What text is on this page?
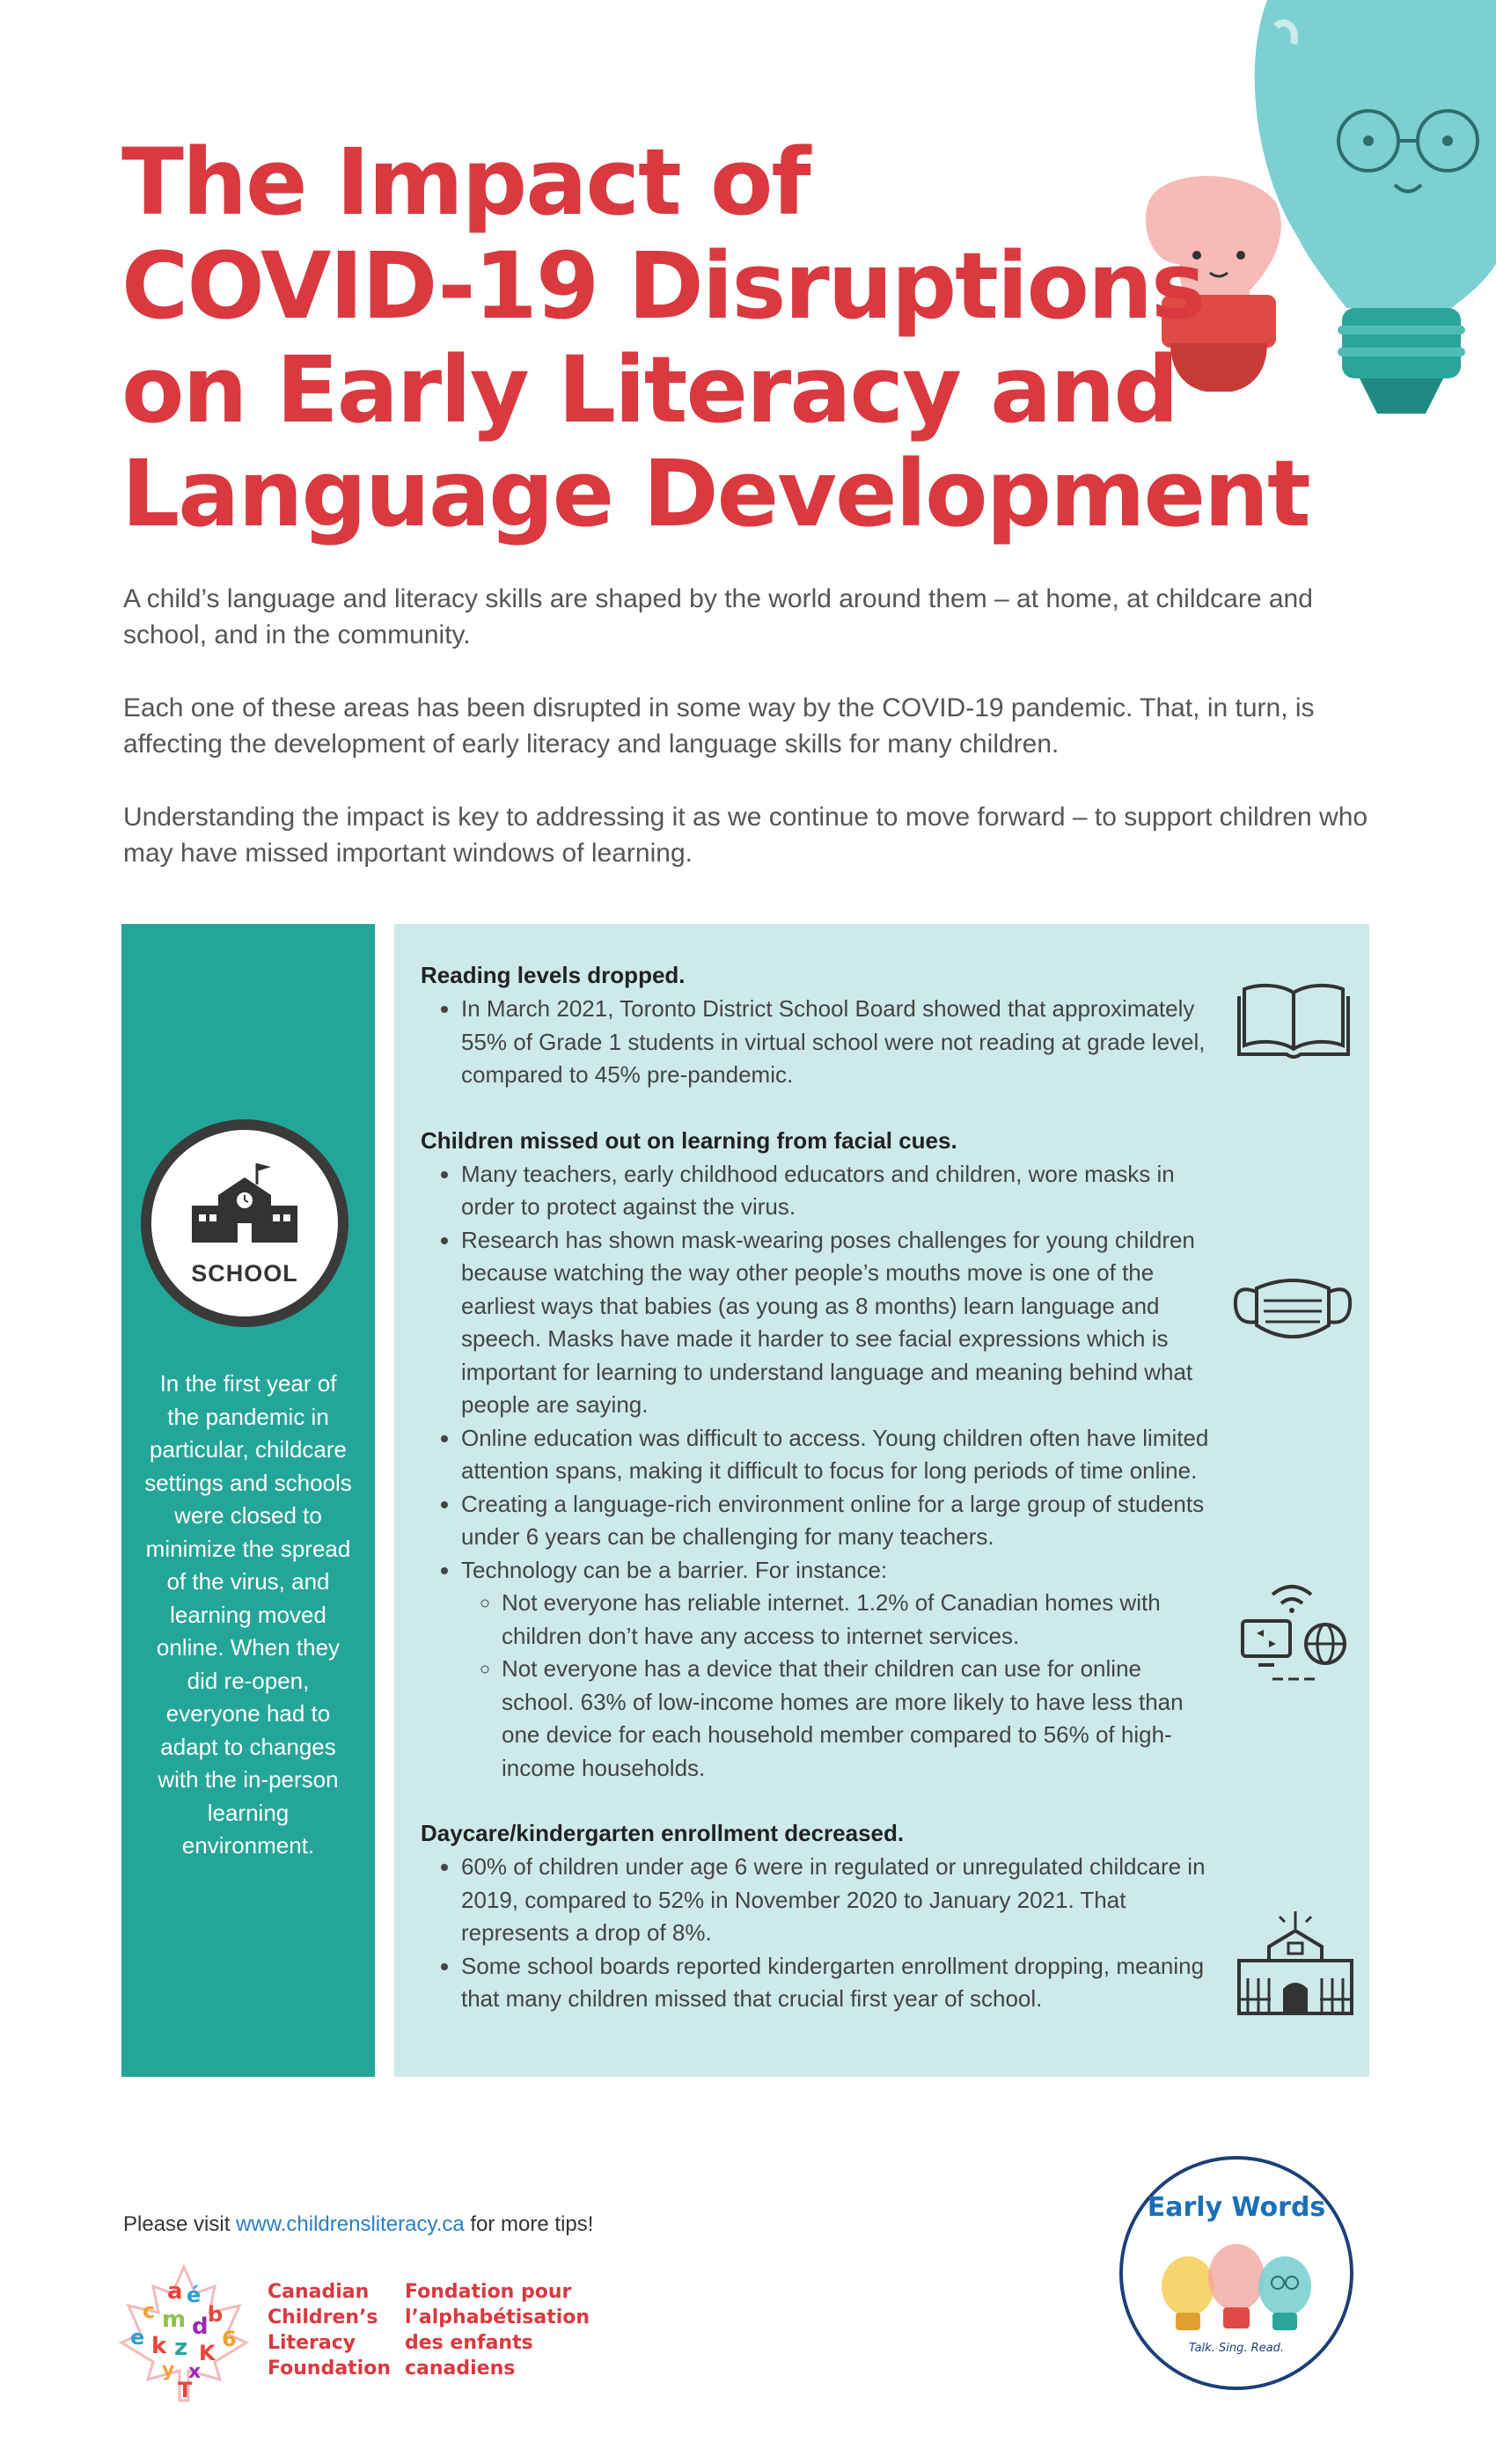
The Impact of
COVID-19 Disruptions
on Early Literacy and
Language Development

A child’s language and literacy skills are shaped by the world around them – at home, at childcare and school, and in the community.

Each one of these areas has been disrupted in some way by the COVID-19 pandemic. That, in turn, is affecting the development of early literacy and language skills for many children.

Understanding the impact is key to addressing it as we continue to move forward – to support children who may have missed important windows of learning.

SCHOOL
In the first year of the pandemic in particular, childcare settings and schools were closed to minimize the spread of the virus, and learning moved online. When they did re-open, everyone had to adapt to changes with the in-person learning environment.
Reading levels dropped.
• In March 2021, Toronto District School Board showed that approximately 55% of Grade 1 students in virtual school were not reading at grade level, compared to 45% pre-pandemic.
Children missed out on learning from facial cues.
• Many teachers, early childhood educators and children, wore masks in order to protect against the virus.
• Research has shown mask-wearing poses challenges for young children because watching the way other people’s mouths move is one of the earliest ways that babies (as young as 8 months) learn language and speech. Masks have made it harder to see facial expressions which is important for learning to understand language and meaning behind what people are saying.
• Online education was difficult to access. Young children often have limited attention spans, making it difficult to focus for long periods of time online.
• Creating a language-rich environment online for a large group of students under 6 years can be challenging for many teachers.
• Technology can be a barrier. For instance:
◦ Not everyone has reliable internet. 1.2% of Canadian homes with children don’t have any access to internet services.
◦ Not everyone has a device that their children can use for online school. 63% of low-income homes are more likely to have less than one device for each household member compared to 56% of high-income households.
Daycare/kindergarten enrollment decreased.
• 60% of children under age 6 were in regulated or unregulated childcare in 2019, compared to 52% in November 2020 to January 2021. That represents a drop of 8%.
• Some school boards reported kindergarten enrollment dropping, meaning that many children missed that crucial first year of school.
Please visit www.childrensliteracy.ca for more tips!
a é
c b
m d
e	6
k z K
y x
T
Canadian
Children’s
Literacy
Foundation
Fondation pour
l’alphabétisation
des enfants
canadiens
Early Words
Talk. Sing. Read.
